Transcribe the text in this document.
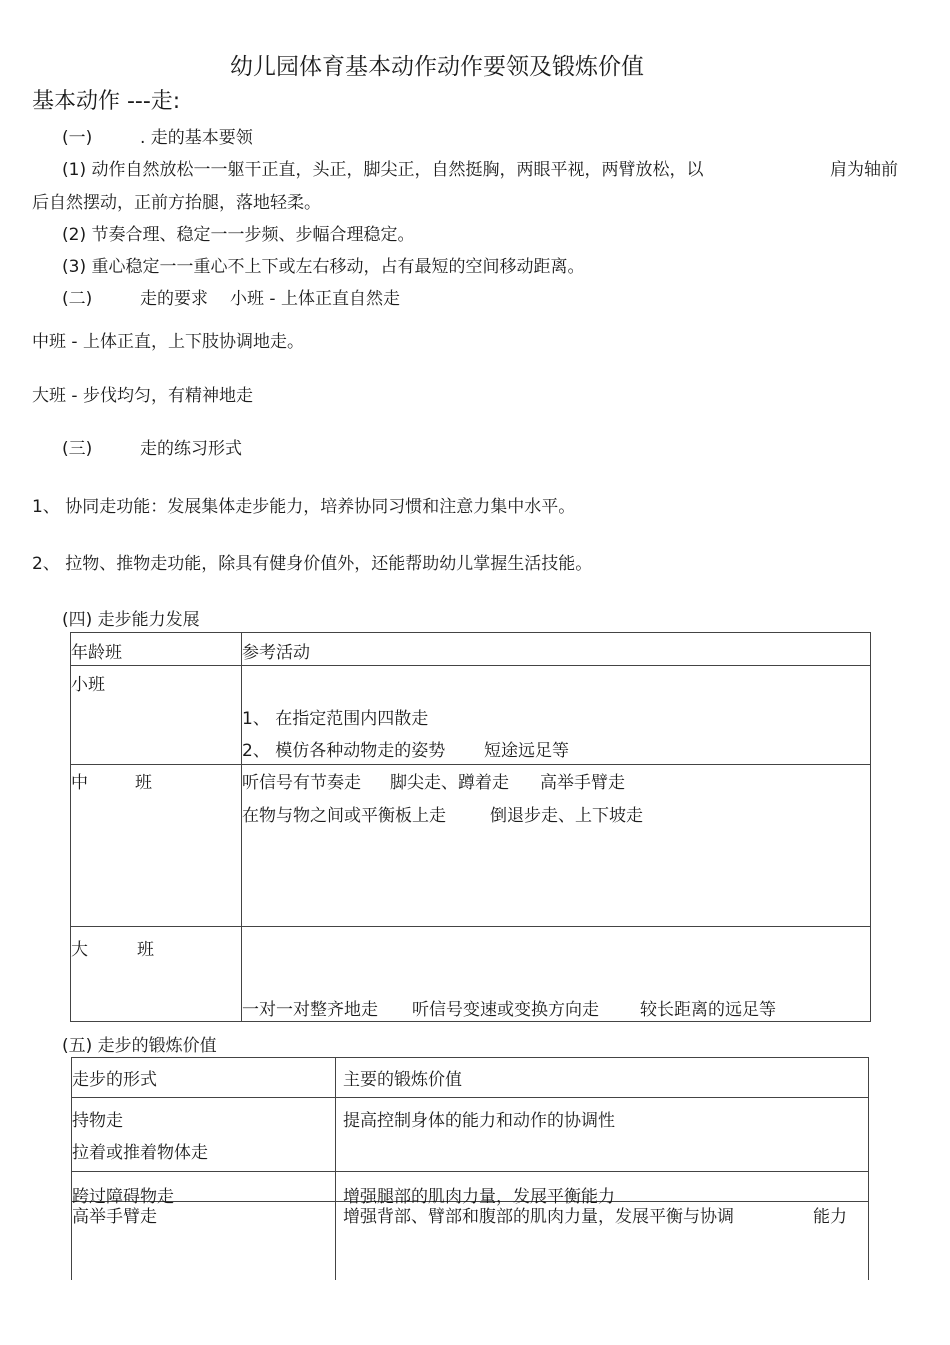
幼儿园体育基本动作动作要领及锻炼价值
基本动作 ---走:
(一)	. 走的基本要领
(1) 动作自然放松一一躯干正直，头正，脚尖正，自然挺胸，两眼平视，两臂放松，以	肩为轴前
后自然摆动，正前方抬腿，落地轻柔。
(2) 节奏合理、稳定一一步频、步幅合理稳定。
(3) 重心稳定一一重心不上下或左右移动，占有最短的空间移动距离。
(二)	走的要求 小班 - 上体正直自然走
中班 - 上体正直，上下肢协调地走。
大班 - 步伐均匀，有精神地走
(三)	走的练习形式
1、 协同走功能：发展集体走步能力，培养协同习惯和注意力集中水平。
2、 拉物、推物走功能，除具有健身价值外，还能帮助幼儿掌握生活技能。
(四) 走步能力发展
年龄班	参考活动

小班	1、 在指定范围内四散走
2、 模仿各种动物走的姿势 短途远足等

中 班	听信号有节奏走 脚尖走、蹲着走 高举手臂走
在物与物之间或平衡板上走 倒退步走、上下坡走

大 班	一对一对整齐地走 听信号变速或变换方向走 较长距离的远足等
(五) 走步的锻炼价值
走步的形式	主要的锻炼价值

持物走
拉着或推着物体走	提高控制身体的能力和动作的协调性

跨过障碍物走	增强腿部的肌肉力量，发展平衡能力

高举手臂走	增强背部、臂部和腹部的肌肉力量，发展平衡与协调 能力
